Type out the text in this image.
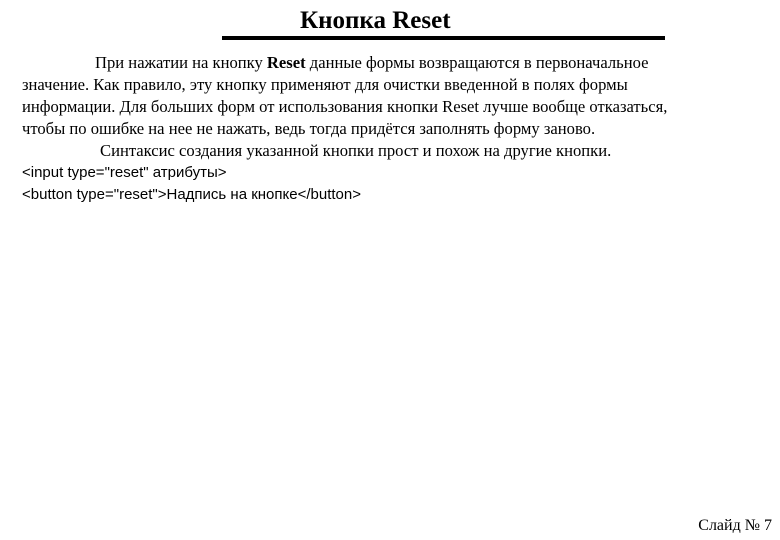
Кнопка Reset

При нажатии на кнопку Reset данные формы возвращаются в первоначальное

значение. Как правило, эту кнопку применяют для очистки введенной в полях формы

информации. Для больших форм от использования кнопки Reset лучше вообще отказаться,

чтобы по ошибке на нее не нажать, ведь тогда придётся заполнять форму заново.

Синтаксис создания указанной кнопки прост и похож на другие кнопки.

<input type="reset" атрибуты>

<button type="reset">Надпись на кнопке</button>

Слайд № 7
